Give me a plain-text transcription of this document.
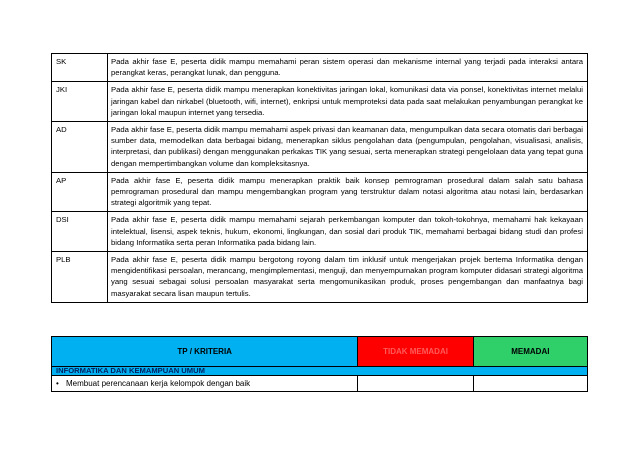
SK	Pada akhir fase E, peserta didik mampu memahami peran sistem operasi dan mekanisme internal yang terjadi pada interaksi antara perangkat keras, perangkat lunak, dan pengguna.
JKI	Pada akhir fase E, peserta didik mampu menerapkan konektivitas jaringan lokal, komunikasi data via ponsel, konektivitas internet melalui jaringan kabel dan nirkabel (bluetooth, wifi, internet), enkripsi untuk memproteksi data pada saat melakukan penyambungan perangkat ke jaringan lokal maupun internet yang tersedia.
AD	Pada akhir fase E, peserta didik mampu memahami aspek privasi dan keamanan data, mengumpulkan data secara otomatis dari berbagai sumber data, memodelkan data berbagai bidang, menerapkan siklus pengolahan data (pengumpulan, pengolahan, visualisasi, analisis, interpretasi, dan publikasi) dengan menggunakan perkakas TIK yang sesuai, serta menerapkan strategi pengelolaan data yang tepat guna dengan mempertimbangkan volume dan kompleksitasnya.
AP	Pada akhir fase E, peserta didik mampu menerapkan praktik baik konsep pemrograman prosedural dalam salah satu bahasa pemrograman prosedural dan mampu mengembangkan program yang terstruktur dalam notasi algoritma atau notasi lain, berdasarkan strategi algoritmik yang tepat.
DSI	Pada akhir fase E, peserta didik mampu memahami sejarah perkembangan komputer dan tokoh-tokohnya, memahami hak kekayaan intelektual, lisensi, aspek teknis, hukum, ekonomi, lingkungan, dan sosial dari produk TIK, memahami berbagai bidang studi dan profesi bidang Informatika serta peran Informatika pada bidang lain.
PLB	Pada akhir fase E, peserta didik mampu bergotong royong dalam tim inklusif untuk mengerjakan projek bertema Informatika dengan mengidentifikasi persoalan, merancang, mengimplementasi, menguji, dan menyempurnakan program komputer didasari strategi algoritma yang sesuai sebagai solusi persoalan masyarakat serta mengomunikasikan produk, proses pengembangan dan manfaatnya bagi masyarakat secara lisan maupun tertulis.
TP / KRITERIA	TIDAK MEMADAI	MEMADAI
INFORMATIKA DAN KEMAMPUAN UMUM		
• Membuat perencanaan kerja kelompok dengan baik		
